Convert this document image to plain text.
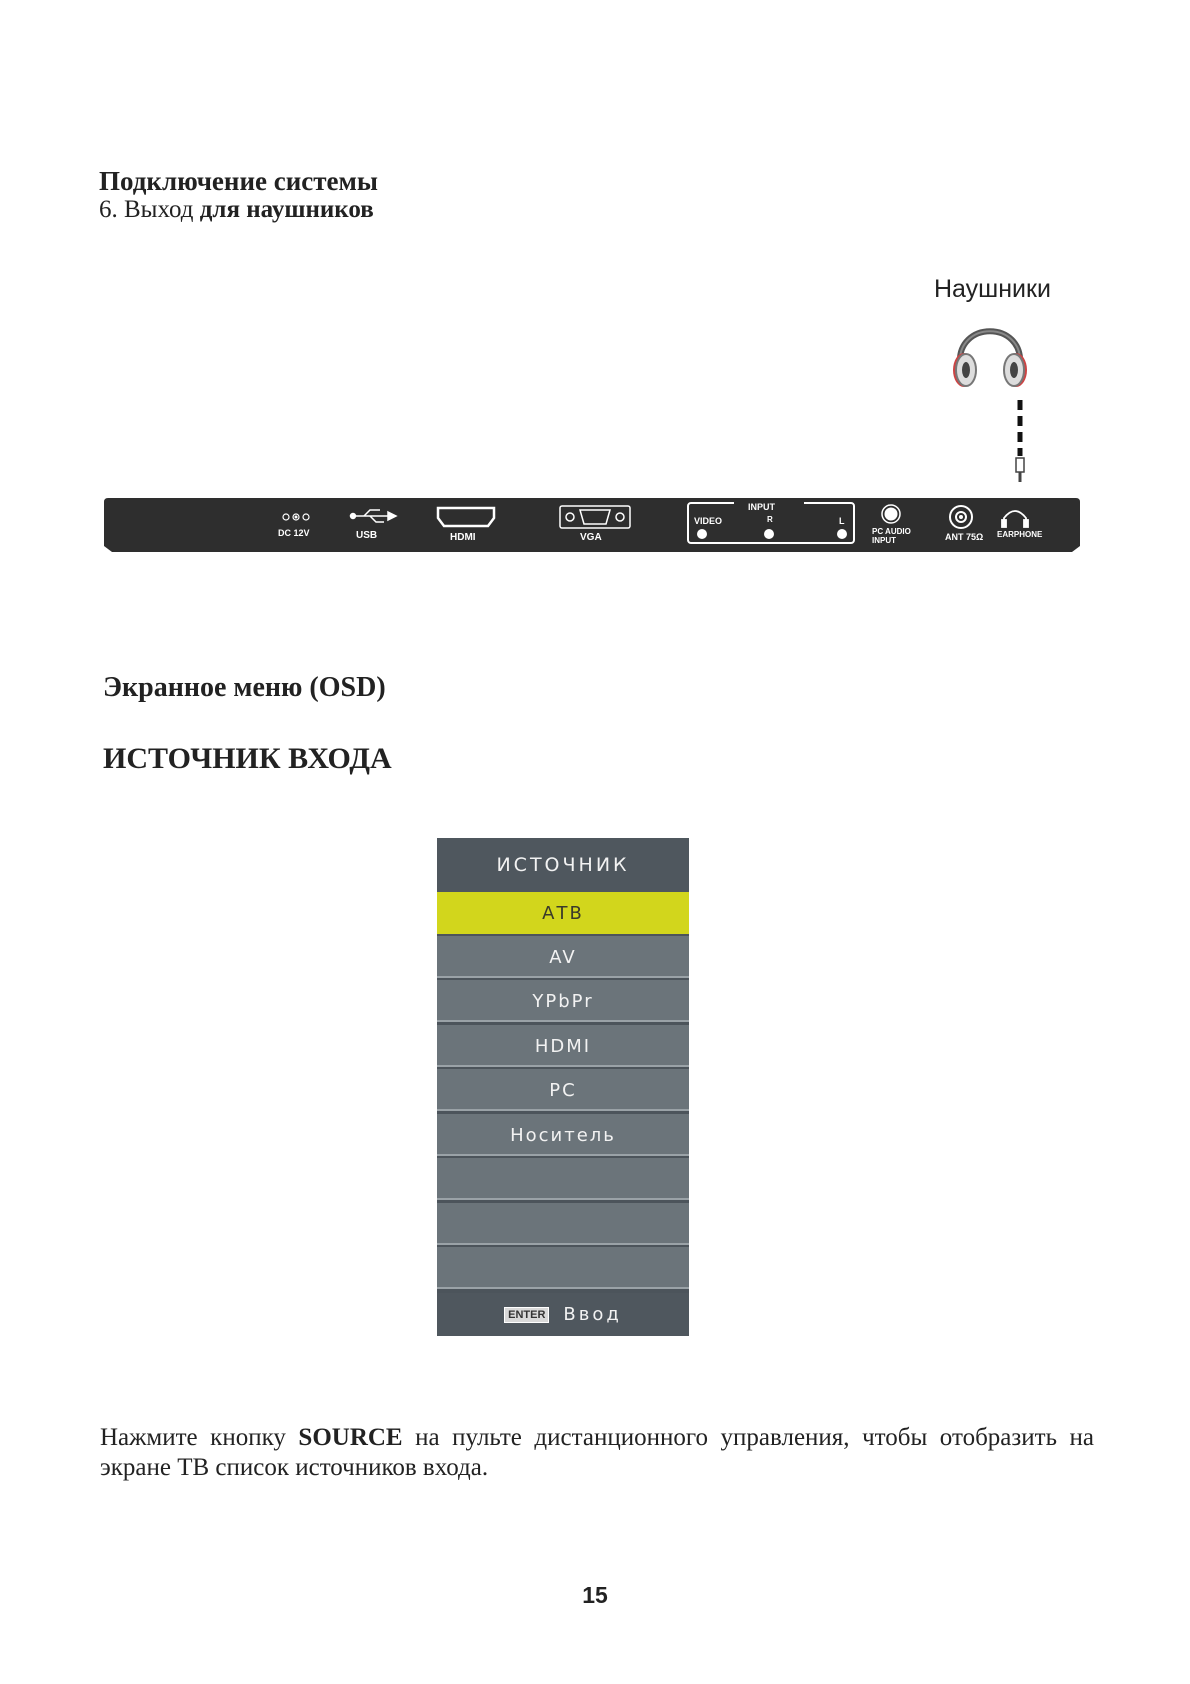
Подключение системы
6. Выход для наушников
Наушники
DC 12V	USB	HDMI	VGA
INPUT
VIDEO	R	L
PC AUDIO
INPUT	ANT 75Ω EARPHONE
Экранное меню (OSD)
ИСТОЧНИК ВХОДА
ИСТОЧНИК
АТВ
AV
YPbPr
HDMI
PC
Носитель
ENTER Ввод
Нажмите кнопку SOURCE на пульте дистанционного управления, чтобы отобразить на экране ТВ список источников входа.
15
